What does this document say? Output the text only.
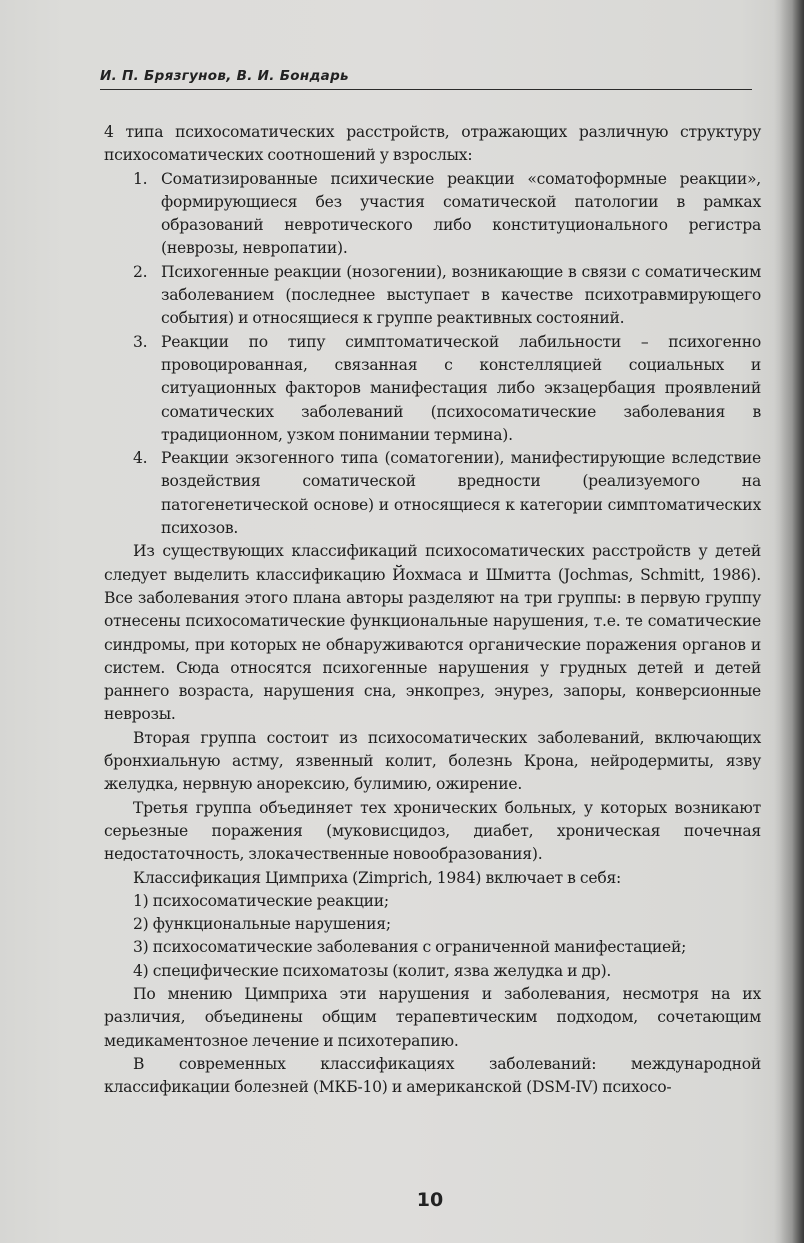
И. П. Брязгунов, В. И. Бондарь

4 типа психосоматических расстройств, отражающих различную структуру психосоматических соотношений у взрослых:

1. Соматизированные психические реакции «соматоформные реакции», формирующиеся без участия соматической патологии в рамках образований невротического либо конституционального регистра (неврозы, невропатии).
2. Психогенные реакции (нозогении), возникающие в связи с соматическим заболеванием (последнее выступает в качестве психотравмирующего события) и относящиеся к группе реактивных состояний.
3. Реакции по типу симптоматической лабильности – психогенно провоцированная, связанная с констелляцией социальных и ситуационных факторов манифестация либо экзацербация проявлений соматических заболеваний (психосоматические заболевания в традиционном, узком понимании термина).
4. Реакции экзогенного типа (соматогении), манифестирующие вследствие воздействия соматической вредности (реализуемого на патогенетической основе) и относящиеся к категории симптоматических психозов.

Из существующих классификаций психосоматических расстройств у детей следует выделить классификацию Йохмаса и Шмитта (Jochmas, Schmitt, 1986). Все заболевания этого плана авторы разделяют на три группы: в первую группу отнесены психосоматические функциональные нарушения, т.е. те соматические синдромы, при которых не обнаруживаются органические поражения органов и систем. Сюда относятся психогенные нарушения у грудных детей и детей раннего возраста, нарушения сна, энкопрез, энурез, запоры, конверсионные неврозы.

Вторая группа состоит из психосоматических заболеваний, включающих бронхиальную астму, язвенный колит, болезнь Крона, нейродермиты, язву желудка, нервную анорексию, булимию, ожирение.

Третья группа объединяет тех хронических больных, у которых возникают серьезные поражения (муковисцидоз, диабет, хроническая почечная недостаточность, злокачественные новообразования).

Классификация Цимприха (Zimprich, 1984) включает в себя:

1) психосоматические реакции;

2) функциональные нарушения;

3) психосоматические заболевания с ограниченной манифестацией;

4) специфические психоматозы (колит, язва желудка и др).

По мнению Цимприха эти нарушения и заболевания, несмотря на их различия, объединены общим терапевтическим подходом, сочетающим медикаментозное лечение и психотерапию.

В современных классификациях заболеваний: международной классификации болезней (МКБ-10) и американской (DSM-IV) психосо-

10
